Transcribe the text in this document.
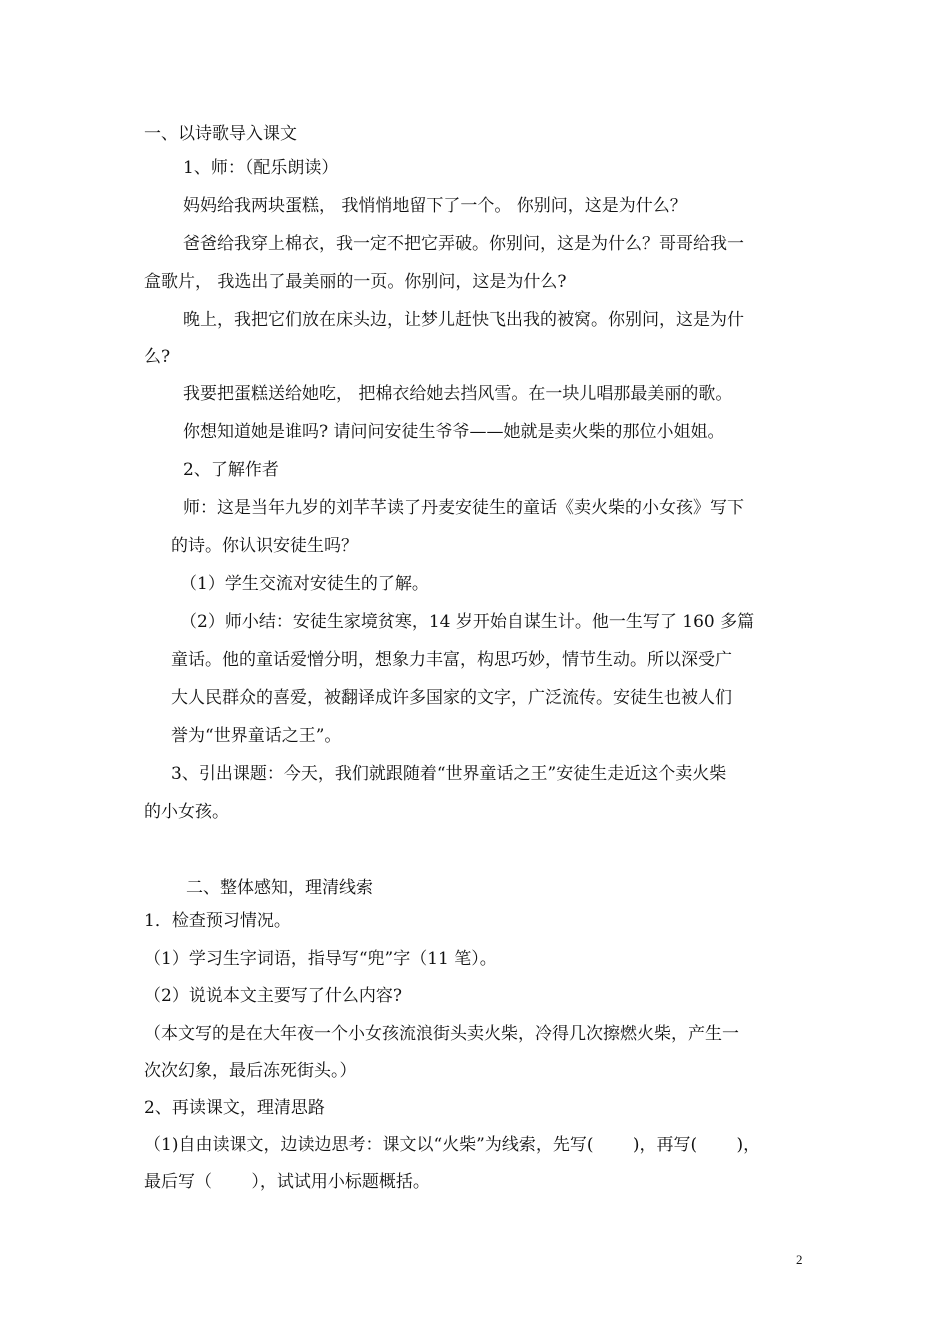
一、以诗歌导入课文
1、师：（配乐朗读）
妈妈给我两块蛋糕， 我悄悄地留下了一个。 你别问，这是为什么？
爸爸给我穿上棉衣，我一定不把它弄破。你别问，这是为什么？哥哥给我一
盒歌片， 我选出了最美丽的一页。你别问，这是为什么?
晚上，我把它们放在床头边，让梦儿赶快飞出我的被窝。你别问，这是为什
么?
我要把蛋糕送给她吃， 把棉衣给她去挡风雪。在一块儿唱那最美丽的歌。
你想知道她是谁吗? 请问问安徒生爷爷——她就是卖火柴的那位小姐姐。
2、了解作者
师：这是当年九岁的刘芊芊读了丹麦安徒生的童话《卖火柴的小女孩》写下
的诗。你认识安徒生吗？
（1）学生交流对安徒生的了解。
（2）师小结：安徒生家境贫寒，14 岁开始自谋生计。他一生写了 160 多篇
童话。他的童话爱憎分明，想象力丰富，构思巧妙，情节生动。所以深受广
大人民群众的喜爱，被翻译成许多国家的文字，广泛流传。安徒生也被人们
誉为“世界童话之王”。
3、引出课题：今天，我们就跟随着“世界童话之王”安徒生走近这个卖火柴
的小女孩。
二、整体感知，理清线索
1．检查预习情况。
（1）学习生字词语，指导写“兜”字（11 笔）。
（2）说说本文主要写了什么内容?
（本文写的是在大年夜一个小女孩流浪街头卖火柴，冷得几次擦燃火柴，产生一
次次幻象，最后冻死街头。）
2、再读课文，理清思路
（1)自由读课文，边读边思考：课文以“火柴”为线索，先写(　　 )，再写(　　 )，
最后写（　　 ），试试用小标题概括。
2
